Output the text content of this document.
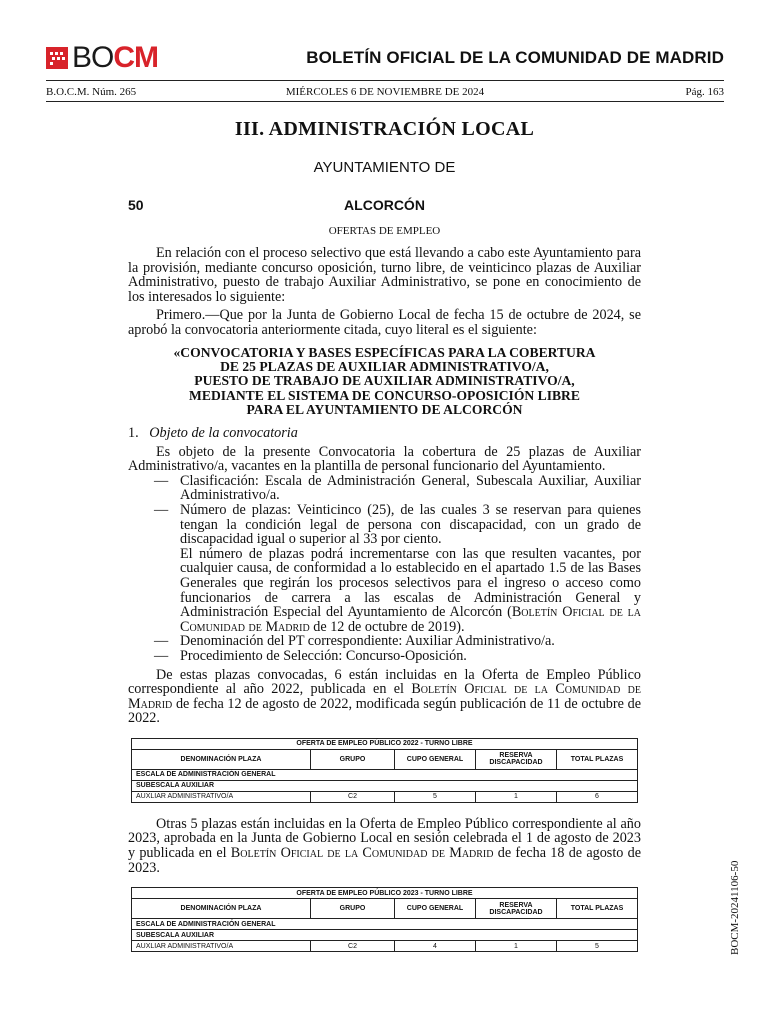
BOCM	BOLETÍN OFICIAL DE LA COMUNIDAD DE MADRID
B.O.C.M. Núm. 265	MIÉRCOLES 6 DE NOVIEMBRE DE 2024	Pág. 163
III. ADMINISTRACIÓN LOCAL
AYUNTAMIENTO DE
ALCORCÓN
50
OFERTAS DE EMPLEO

En relación con el proceso selectivo que está llevando a cabo este Ayuntamiento para la provisión, mediante concurso oposición, turno libre, de veinticinco plazas de Auxiliar Administrativo, puesto de trabajo Auxiliar Administrativo, se pone en conocimiento de los interesados lo siguiente:

Primero.—Que por la Junta de Gobierno Local de fecha 15 de octubre de 2024, se aprobó la convocatoria anteriormente citada, cuyo literal es el siguiente:

«CONVOCATORIA Y BASES ESPECÍFICAS PARA LA COBERTURA
DE 25 PLAZAS DE AUXILIAR ADMINISTRATIVO/A,
PUESTO DE TRABAJO DE AUXILIAR ADMINISTRATIVO/A,
MEDIANTE EL SISTEMA DE CONCURSO-OPOSICIÓN LIBRE
PARA EL AYUNTAMIENTO DE ALCORCÓN
1. Objeto de la convocatoria

Es objeto de la presente Convocatoria la cobertura de 25 plazas de Auxiliar Administrativo/a, vacantes en la plantilla de personal funcionario del Ayuntamiento.

— Clasificación: Escala de Administración General, Subescala Auxiliar, Auxiliar Administrativo/a.
— Número de plazas: Veinticinco (25), de las cuales 3 se reservan para quienes tengan la condición legal de persona con discapacidad, con un grado de discapacidad igual o superior al 33 por ciento.
El número de plazas podrá incrementarse con las que resulten vacantes, por cualquier causa, de conformidad a lo establecido en el apartado 1.5 de las Bases Generales que regirán los procesos selectivos para el ingreso o acceso como funcionarios de carrera a las escalas de Administración General y Administración Especial del Ayuntamiento de Alcorcón (Boletín Oficial de la Comunidad de Madrid de 12 de octubre de 2019).
— Denominación del PT correspondiente: Auxiliar Administrativo/a.
— Procedimiento de Selección: Concurso-Oposición.

De estas plazas convocadas, 6 están incluidas en la Oferta de Empleo Público correspondiente al año 2022, publicada en el Boletín Oficial de la Comunidad de Madrid de fecha 12 de agosto de 2022, modificada según publicación de 11 de octubre de 2022.

OFERTA DE EMPLEO PÚBLICO 2022 - TURNO LIBRE				
DENOMINACIÓN PLAZA	GRUPO	CUPO GENERAL	RESERVA DISCAPACIDAD	TOTAL PLAZAS
ESCALA DE ADMINISTRACIÓN GENERAL				
SUBESCALA AUXILIAR				
AUXLIAR ADMINISTRATIVO/A	C2	5	1	6

Otras 5 plazas están incluidas en la Oferta de Empleo Público correspondiente al año 2023, aprobada en la Junta de Gobierno Local en sesión celebrada el 1 de agosto de 2023 y publicada en el Boletín Oficial de la Comunidad de Madrid de fecha 18 de agosto de 2023.

OFERTA DE EMPLEO PÚBLICO 2023 - TURNO LIBRE				
DENOMINACIÓN PLAZA	GRUPO	CUPO GENERAL	RESERVA DISCAPACIDAD	TOTAL PLAZAS
ESCALA DE ADMINISTRACIÓN GENERAL				
SUBESCALA AUXILIAR				
AUXLIAR ADMINISTRATIVO/A	C2	4	1	5	BOCM-20241106-50
